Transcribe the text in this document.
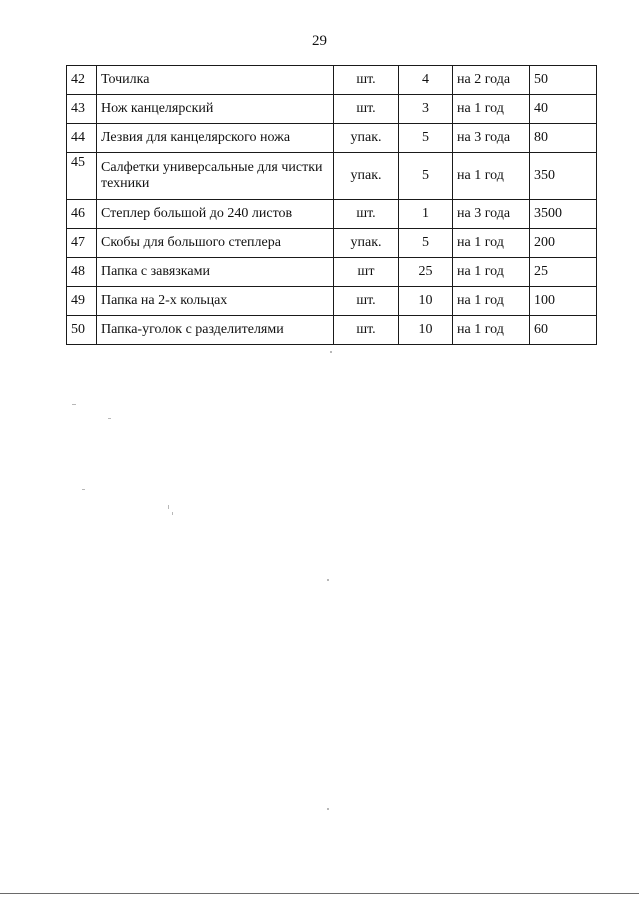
29
42	Точилка	шт.	4	на 2 года	50
43	Нож канцелярский	шт.	3	на 1 год	40
44	Лезвия для канцелярского ножа	упак.	5	на 3 года	80
45	Салфетки универсальные для чистки техники	упак.	5	на 1 год	350
46	Степлер большой до 240 листов	шт.	1	на 3 года	3500
47	Скобы для большого степлера	упак.	5	на 1 год	200
48	Папка с завязками	шт	25	на 1 год	25
49	Папка на 2-х кольцах	шт.	10	на 1 год	100
50	Папка-уголок с разделителями	шт.	10	на 1 год	60
